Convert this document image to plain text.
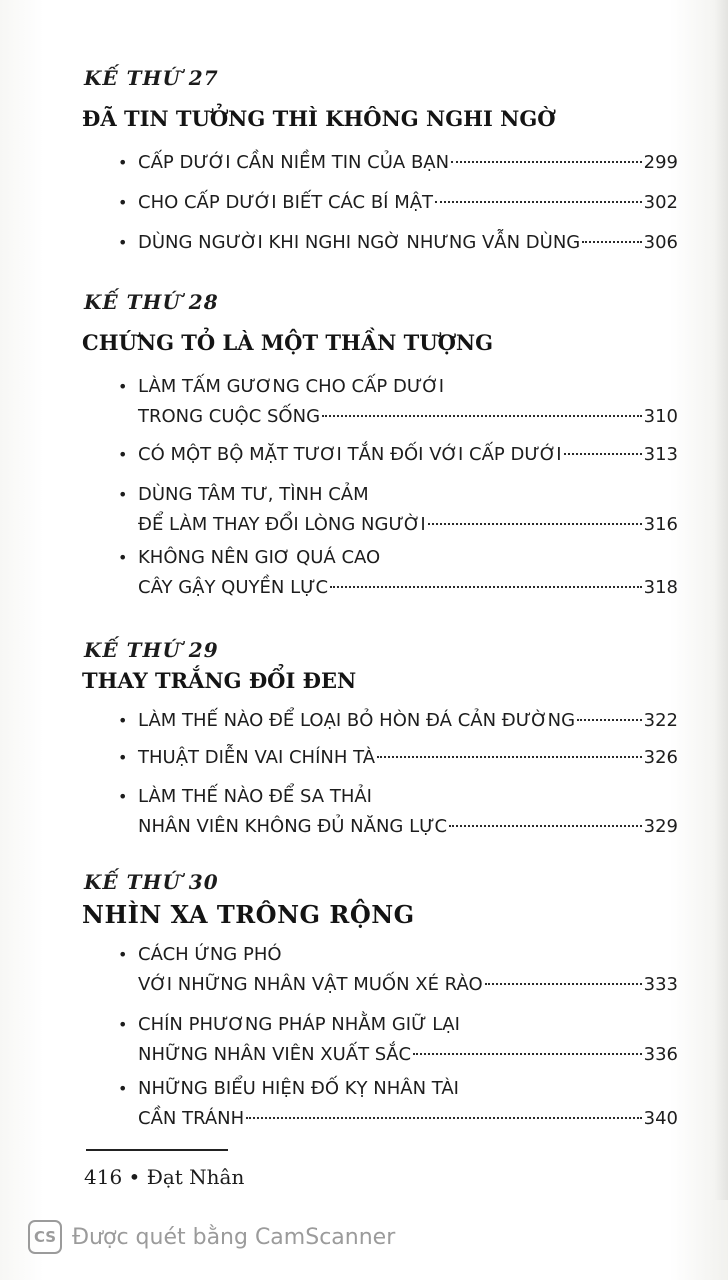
KẾ THỨ 27
ĐÃ TIN TƯỞNG THÌ KHÔNG NGHI NGỜ
• CẤP DƯỚI CẦN NIỀM TIN CỦA BẠN	299
• CHO CẤP DƯỚI BIẾT CÁC BÍ MẬT	302
• DÙNG NGƯỜI KHI NGHI NGỜ NHƯNG VẪN DÙNG	306
KẾ THỨ 28
CHỨNG TỎ LÀ MỘT THẦN TƯỢNG
• LÀM TẤM GƯƠNG CHO CẤP DƯỚI
TRONG CUỘC SỐNG	310
• CÓ MỘT BỘ MẶT TƯƠI TẮN ĐỐI VỚI CẤP DƯỚI	313
• DÙNG TÂM TƯ, TÌNH CẢM
ĐỂ LÀM THAY ĐỔI LÒNG NGƯỜI	316
• KHÔNG NÊN GIƠ QUÁ CAO
CÂY GẬY QUYỀN LỰC	318
KẾ THỨ 29
THAY TRẮNG ĐỔI ĐEN
• LÀM THẾ NÀO ĐỂ LOẠI BỎ HÒN ĐÁ CẢN ĐƯỜNG	322
• THUẬT DIỄN VAI CHÍNH TÀ	326
• LÀM THẾ NÀO ĐỂ SA THẢI
NHÂN VIÊN KHÔNG ĐỦ NĂNG LỰC	329
KẾ THỨ 30
NHÌN XA TRÔNG RỘNG
• CÁCH ỨNG PHÓ
VỚI NHỮNG NHÂN VẬT MUỐN XÉ RÀO	333
• CHÍN PHƯƠNG PHÁP NHẰM GIỮ LẠI
NHỮNG NHÂN VIÊN XUẤT SẮC	336
• NHỮNG BIỂU HIỆN ĐỐ KỴ NHÂN TÀI
CẦN TRÁNH	340
416 • Đạt Nhân
CS Được quét bằng CamScanner
